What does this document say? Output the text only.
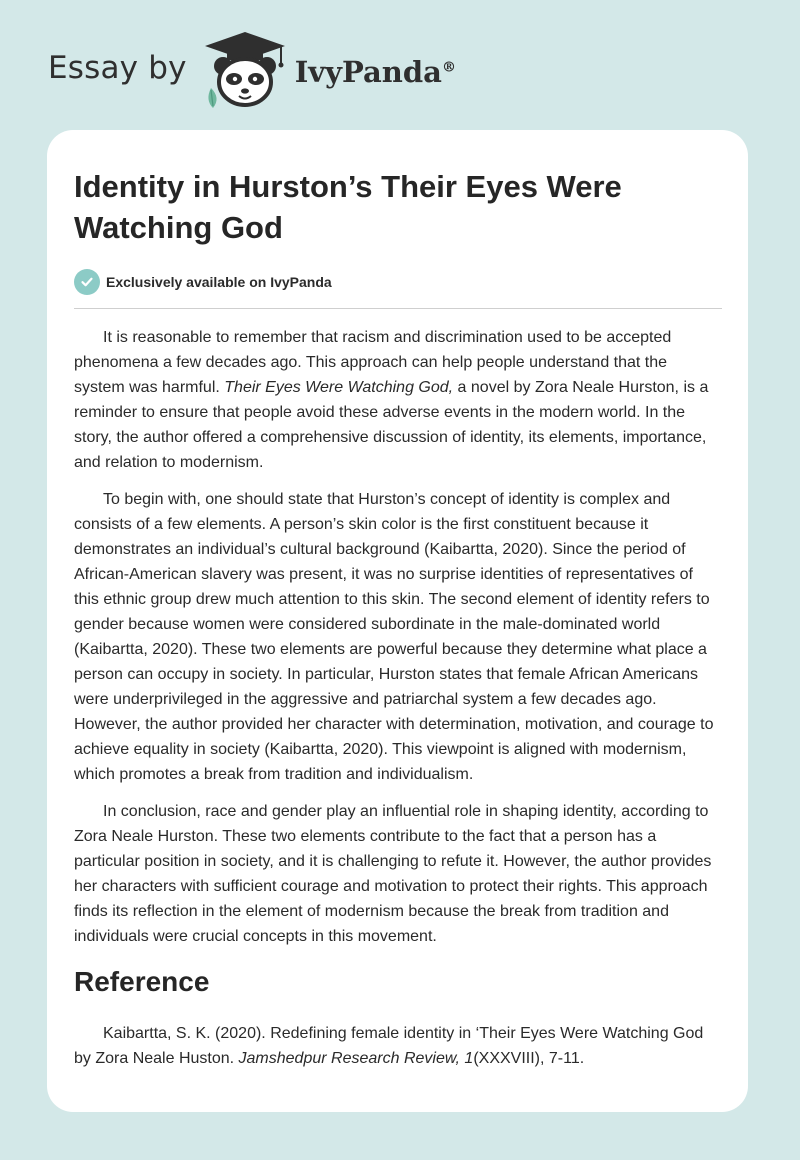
Essay by	IvyPanda®
Identity in Hurston’s Their Eyes Were Watching God
Exclusively available on IvyPanda

It is reasonable to remember that racism and discrimination used to be accepted phenomena a few decades ago. This approach can help people understand that the system was harmful. Their Eyes Were Watching God, a novel by Zora Neale Hurston, is a reminder to ensure that people avoid these adverse events in the modern world. In the story, the author offered a comprehensive discussion of identity, its elements, importance, and relation to modernism.

To begin with, one should state that Hurston’s concept of identity is complex and consists of a few elements. A person’s skin color is the first constituent because it demonstrates an individual’s cultural background (Kaibartta, 2020). Since the period of African-American slavery was present, it was no surprise identities of representatives of this ethnic group drew much attention to this skin. The second element of identity refers to gender because women were considered subordinate in the male-dominated world (Kaibartta, 2020). These two elements are powerful because they determine what place a person can occupy in society. In particular, Hurston states that female African Americans were underprivileged in the aggressive and patriarchal system a few decades ago. However, the author provided her character with determination, motivation, and courage to achieve equality in society (Kaibartta, 2020). This viewpoint is aligned with modernism, which promotes a break from tradition and individualism.

In conclusion, race and gender play an influential role in shaping identity, according to Zora Neale Hurston. These two elements contribute to the fact that a person has a particular position in society, and it is challenging to refute it. However, the author provides her characters with sufficient courage and motivation to protect their rights. This approach finds its reflection in the element of modernism because the break from tradition and individuals were crucial concepts in this movement.

Reference

Kaibartta, S. K. (2020). Redefining female identity in ‘Their Eyes Were Watching God by Zora Neale Huston. Jamshedpur Research Review, 1(XXXVIII), 7-11.
